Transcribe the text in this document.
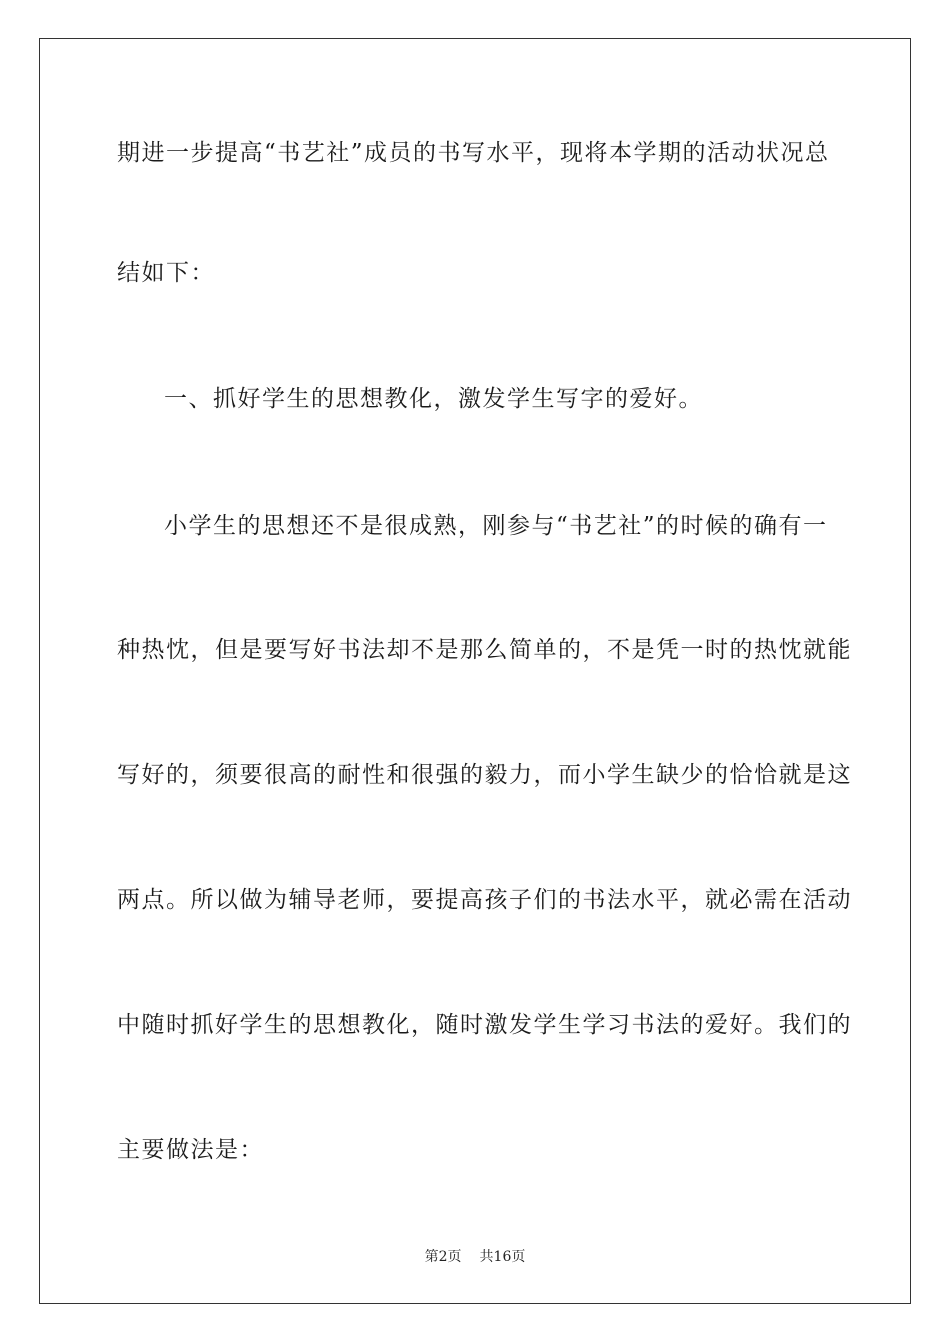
期进一步提高“书艺社”成员的书写水平，现将本学期的活动状况总
结如下：
一、抓好学生的思想教化，激发学生写字的爱好。
小学生的思想还不是很成熟，刚参与“书艺社”的时候的确有一
种热忱，但是要写好书法却不是那么简单的，不是凭一时的热忱就能
写好的，须要很高的耐性和很强的毅力，而小学生缺少的恰恰就是这
两点。所以做为辅导老师，要提高孩子们的书法水平，就必需在活动
中随时抓好学生的思想教化，随时激发学生学习书法的爱好。我们的
主要做法是：
第2页 共16页
